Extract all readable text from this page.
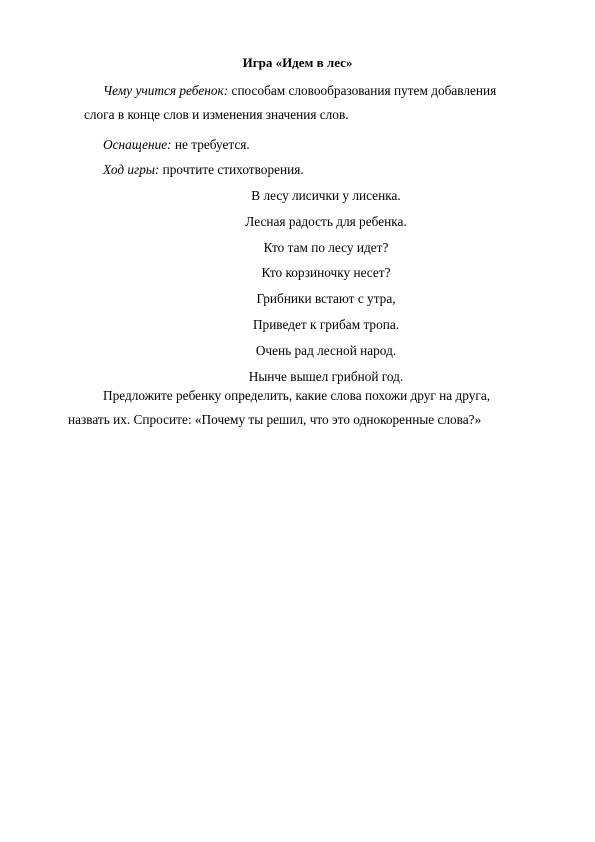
Игра «Идем в лес»
Чему учится ребенок: способам словообразования путем добавления
слога в конце слов и изменения значения слов.
Оснащение: не требуется.
Ход игры: прочтите стихотворения.
В лесу лисички у лисенка.
Лесная радость для ребенка.
Кто там по лесу идет?
Кто корзиночку несет?
Грибники встают с утра,
Приведет к грибам тропа.
Очень рад лесной народ.
Нынче вышел грибной год.
Предложите ребенку определить, какие слова похожи друг на друга,
назвать их. Спросите: «Почему ты решил, что это однокоренные слова?»
